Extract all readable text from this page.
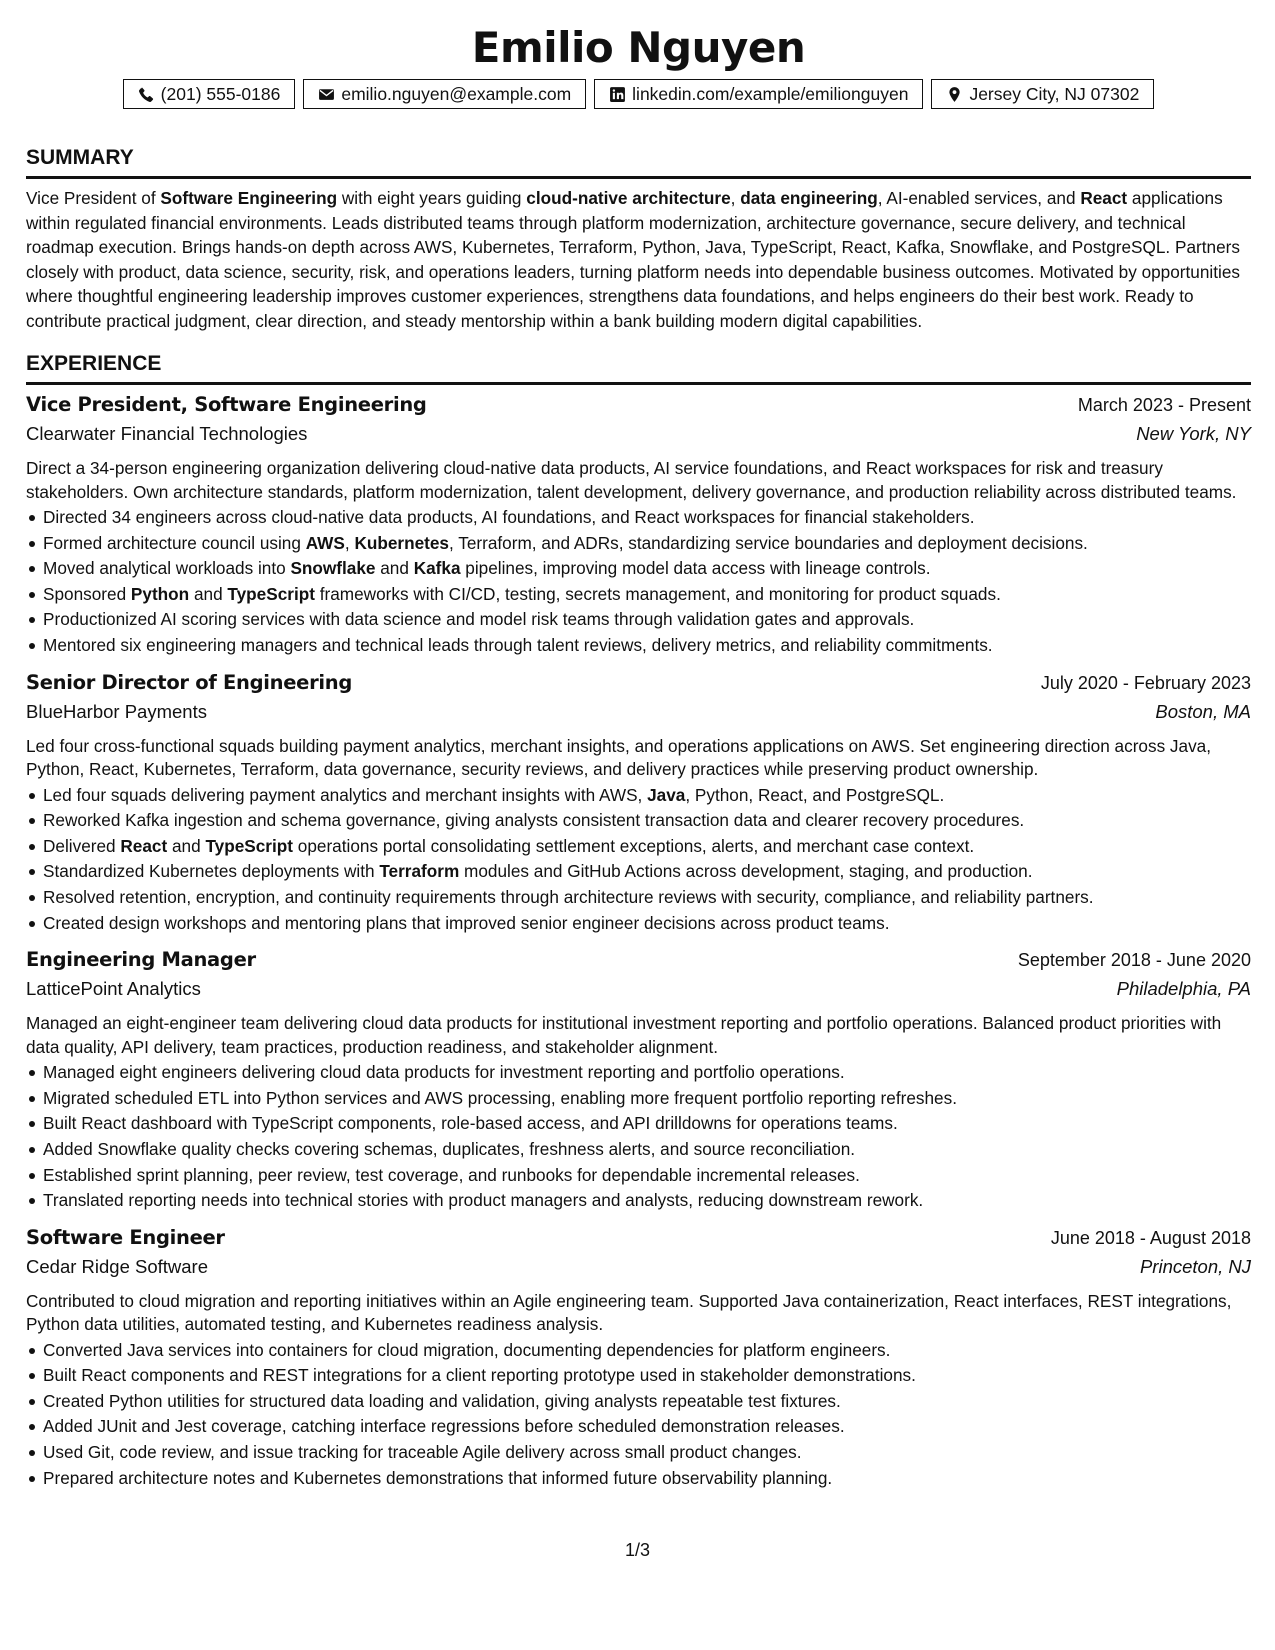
Emilio Nguyen
(201) 555-0186	emilio.nguyen@example.com	linkedin.com/example/emilionguyen	Jersey City, NJ 07302
SUMMARY
Vice President of Software Engineering with eight years guiding cloud-native architecture, data engineering, AI-enabled services, and React applications within regulated financial environments. Leads distributed teams through platform modernization, architecture governance, secure delivery, and technical roadmap execution. Brings hands-on depth across AWS, Kubernetes, Terraform, Python, Java, TypeScript, React, Kafka, Snowflake, and PostgreSQL. Partners closely with product, data science, security, risk, and operations leaders, turning platform needs into dependable business outcomes. Motivated by opportunities where thoughtful engineering leadership improves customer experiences, strengthens data foundations, and helps engineers do their best work. Ready to contribute practical judgment, clear direction, and steady mentorship within a bank building modern digital capabilities.
EXPERIENCE
Vice President, Software Engineering	March 2023 - Present
Clearwater Financial Technologies	New York, NY
Direct a 34-person engineering organization delivering cloud-native data products, AI service foundations, and React workspaces for risk and treasury stakeholders. Own architecture standards, platform modernization, talent development, delivery governance, and production reliability across distributed teams.
Directed 34 engineers across cloud-native data products, AI foundations, and React workspaces for financial stakeholders.
Formed architecture council using AWS, Kubernetes, Terraform, and ADRs, standardizing service boundaries and deployment decisions.
Moved analytical workloads into Snowflake and Kafka pipelines, improving model data access with lineage controls.
Sponsored Python and TypeScript frameworks with CI/CD, testing, secrets management, and monitoring for product squads.
Productionized AI scoring services with data science and model risk teams through validation gates and approvals.
Mentored six engineering managers and technical leads through talent reviews, delivery metrics, and reliability commitments.
Senior Director of Engineering	July 2020 - February 2023
BlueHarbor Payments	Boston, MA
Led four cross-functional squads building payment analytics, merchant insights, and operations applications on AWS. Set engineering direction across Java, Python, React, Kubernetes, Terraform, data governance, security reviews, and delivery practices while preserving product ownership.
Led four squads delivering payment analytics and merchant insights with AWS, Java, Python, React, and PostgreSQL.
Reworked Kafka ingestion and schema governance, giving analysts consistent transaction data and clearer recovery procedures.
Delivered React and TypeScript operations portal consolidating settlement exceptions, alerts, and merchant case context.
Standardized Kubernetes deployments with Terraform modules and GitHub Actions across development, staging, and production.
Resolved retention, encryption, and continuity requirements through architecture reviews with security, compliance, and reliability partners.
Created design workshops and mentoring plans that improved senior engineer decisions across product teams.
Engineering Manager	September 2018 - June 2020
LatticePoint Analytics	Philadelphia, PA
Managed an eight-engineer team delivering cloud data products for institutional investment reporting and portfolio operations. Balanced product priorities with data quality, API delivery, team practices, production readiness, and stakeholder alignment.
Managed eight engineers delivering cloud data products for investment reporting and portfolio operations.
Migrated scheduled ETL into Python services and AWS processing, enabling more frequent portfolio reporting refreshes.
Built React dashboard with TypeScript components, role-based access, and API drilldowns for operations teams.
Added Snowflake quality checks covering schemas, duplicates, freshness alerts, and source reconciliation.
Established sprint planning, peer review, test coverage, and runbooks for dependable incremental releases.
Translated reporting needs into technical stories with product managers and analysts, reducing downstream rework.
Software Engineer	June 2018 - August 2018
Cedar Ridge Software	Princeton, NJ
Contributed to cloud migration and reporting initiatives within an Agile engineering team. Supported Java containerization, React interfaces, REST integrations, Python data utilities, automated testing, and Kubernetes readiness analysis.
Converted Java services into containers for cloud migration, documenting dependencies for platform engineers.
Built React components and REST integrations for a client reporting prototype used in stakeholder demonstrations.
Created Python utilities for structured data loading and validation, giving analysts repeatable test fixtures.
Added JUnit and Jest coverage, catching interface regressions before scheduled demonstration releases.
Used Git, code review, and issue tracking for traceable Agile delivery across small product changes.
Prepared architecture notes and Kubernetes demonstrations that informed future observability planning.
1/3
